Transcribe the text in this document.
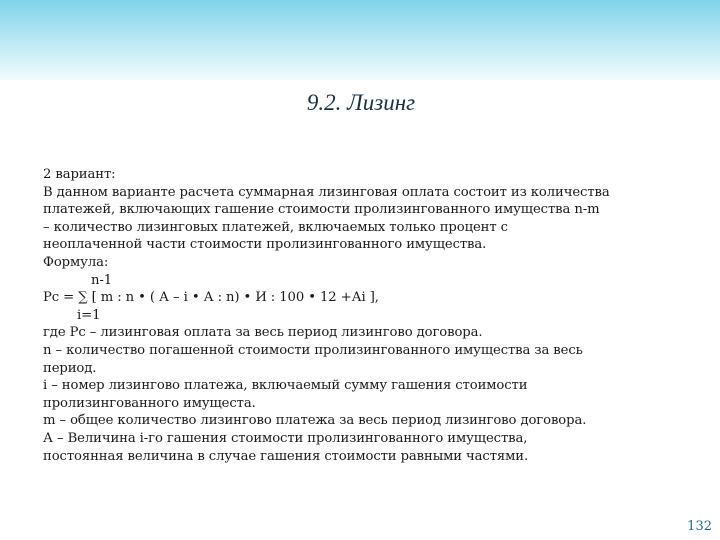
9.2. Лизинг
2 вариант:
В данном варианте расчета суммарная лизинговая оплата состоит из количества
платежей, включающих гашение стоимости пролизингованного имущества n-m
– количество лизинговых платежей, включаемых только процент с
неоплаченной части стоимости пролизингованного имущества.
Формула:
n-1
Рс = ∑ [ m : n • ( А – i • А : n) • И : 100 • 12 +Аi ],
i=1
где Рс – лизинговая оплата за весь период лизингово договора.
n – количество погашенной стоимости пролизингованного имущества за весь
период.
i – номер лизингово платежа, включаемый сумму гашения стоимости
пролизингованного имущеста.
m – общее количество лизингово платежа за весь период лизингово договора.
А – Величина i-го гашения стоимости пролизингованного имущества,
постоянная величина в случае гашения стоимости равными частями.
132
